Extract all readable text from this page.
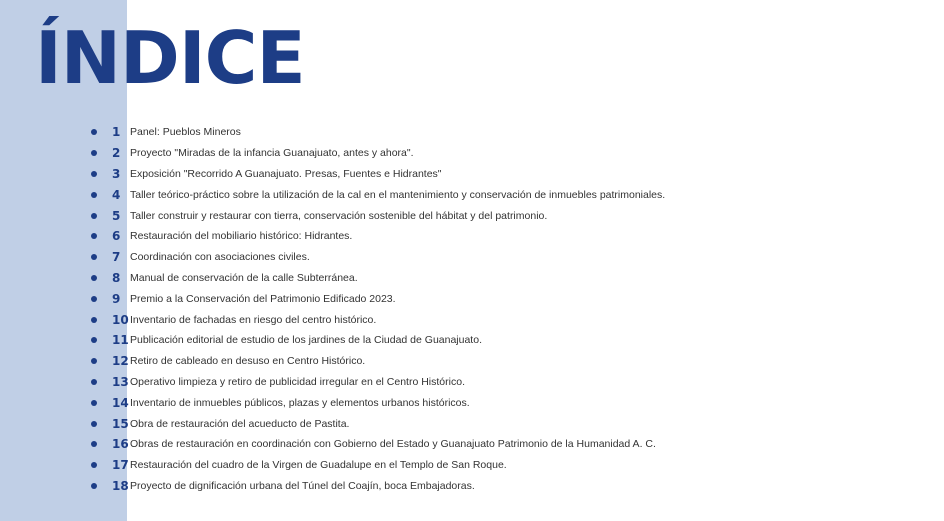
ÍNDICE
1 Panel: Pueblos Mineros
2 Proyecto "Miradas de la infancia Guanajuato, antes y ahora".
3 Exposición "Recorrido A Guanajuato. Presas, Fuentes e Hidrantes"
4 Taller teórico-práctico sobre la utilización de la cal en el mantenimiento y conservación de inmuebles patrimoniales.
5 Taller construir y restaurar con tierra, conservación sostenible del hábitat y del patrimonio.
6 Restauración del mobiliario histórico: Hidrantes.
7 Coordinación con asociaciones civiles.
8 Manual de conservación de la calle Subterránea.
9 Premio a la Conservación del Patrimonio Edificado 2023.
10 Inventario de fachadas en riesgo del centro histórico.
11 Publicación editorial de estudio de los jardines de la Ciudad de Guanajuato.
12 Retiro de cableado en desuso en Centro Histórico.
13 Operativo limpieza y retiro de publicidad irregular en el Centro Histórico.
14 Inventario de inmuebles públicos, plazas y elementos urbanos históricos.
15 Obra de restauración del acueducto de Pastita.
16 Obras de restauración en coordinación con Gobierno del Estado y Guanajuato Patrimonio de la Humanidad A. C.
17 Restauración del cuadro de la Virgen de Guadalupe en el Templo de San Roque.
18 Proyecto de dignificación urbana del Túnel del Coajín, boca Embajadoras.
